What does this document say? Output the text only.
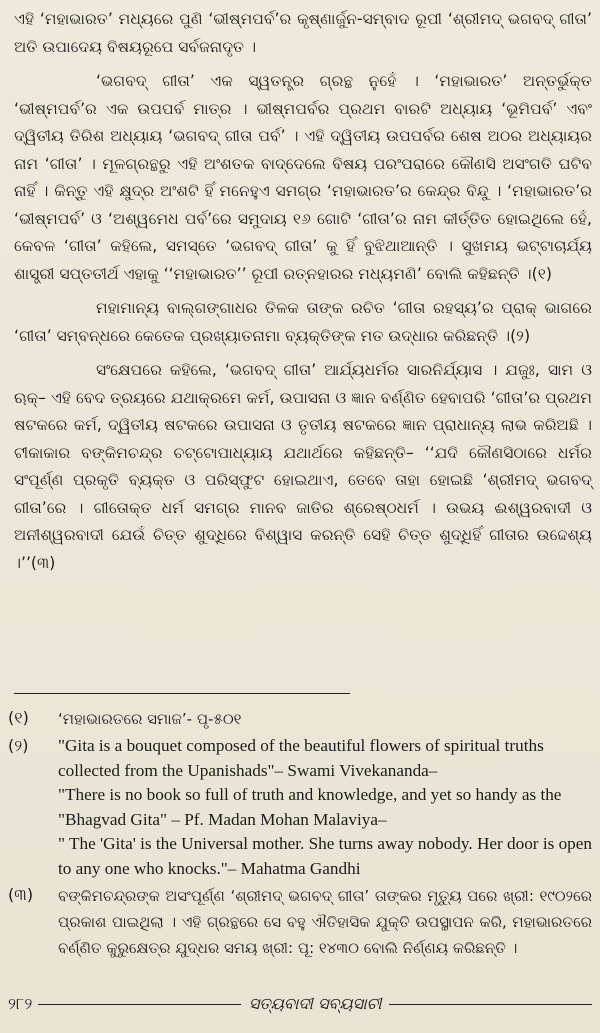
ଏହି ‘ମହାଭାରତ’ ମଧ୍ୟରେ ପୁଣି ‘ଭୀଷ୍ମପର୍ବ’ର କୃଷ୍ଣାର୍ଜୁନ-ସମ୍ବାଦ ରୂପୀ ‘ଶ୍ରୀମଦ୍ ଭଗବଦ୍ ଗୀତା’ ଅତି ଉପାଦେୟ ବିଷୟରୂପେ ସର୍ବଜନାଦୃତ ।

‘ଭଗବଦ୍ ଗୀତା’ ଏକ ସ୍ୱତନ୍ତ୍ର ଗ୍ରନ୍ଥ ନୁହେଁ । ‘ମହାଭାରତ’ ଅନ୍ତର୍ଭୁକ୍ତ ‘ଭୀଷ୍ମପର୍ବ’ର ଏକ ଉପପର୍ବ ମାତ୍ର । ଭୀଷ୍ମପର୍ବର ପ୍ରଥମ ବାରଟି ଅଧ୍ୟାୟ ‘ଭୂମିପର୍ବ’ ଏବଂ ଦ୍ୱିତୀୟ ତିରିଶ ଅଧ୍ୟାୟ ‘ଭଗବଦ୍ ଗୀତା ପର୍ବ’ । ଏହି ଦ୍ୱିତୀୟ ଉପପର୍ବର ଶେଷ ଅଠର ଅଧ୍ୟାୟର ନାମ ‘ଗୀତା’ । ମୂଳଗ୍ରନ୍ଥରୁ ଏହି ଅଂଶତକ ବାଦ୍‌ଦେଲେ ବିଷୟ ପରଂପରାରେ କୌଣସି ଅସଂଗତି ଘଟିବ ନାହିଁ । କିନ୍ତୁ ଏହି କ୍ଷୁଦ୍ର ଅଂଶଟି ହିଁ ମନେହୁଏ ସମଗ୍ର ‘ମହାଭାରତ’ର କେନ୍ଦ୍ର ବିନ୍ଦୁ । ‘ମହାଭାରତ’ର ‘ଭୀଷ୍ମପର୍ବ’ ଓ ‘ଅଶ୍ୱମେଧ ପର୍ବ’ରେ ସମୁଦାୟ ୧୬ ଗୋଟି ‘ଗୀତା’ର ନାମ କୀର୍ତ୍ତିତ ହୋଇଥିଲେ ହେଁ, କେବଳ ‘ଗୀତା’ କହିଲେ, ସମସ୍ତେ ‘ଭଗବଦ୍ ଗୀତା’ କୁ ହିଁ ବୁଝିଥାଆନ୍ତି । ସୁଖମୟ ଭଟ୍ଟାଚାର୍ଯ୍ୟ ଶାସ୍ତ୍ରୀ ସପ୍ତତୀର୍ଥ ଏହାକୁ ‘‘ମହାଭାରତ’’ ରୂପୀ ରତ୍ନହାରର ମଧ୍ୟମଣି’ ବୋଲି କହିଛନ୍ତି ।(୧)

ମହାମାନ୍ୟ ବାଲ୍‌ଗଙ୍ଗାଧର ତିଳକ ତାଙ୍କ ରଚିତ ‘ଗୀତା ରହସ୍ୟ’ର ପ୍ରାକ୍ ଭାଗରେ ‘ଗୀତା’ ସମ୍ବନ୍ଧରେ କେତେକ ପ୍ରଖ୍ୟାତନାମା ବ୍ୟକ୍ତିଙ୍କ ମତ ଉଦ୍ଧାର କରିଛନ୍ତି ।(୨)

ସଂକ୍ଷେପରେ କହିଲେ, ‘ଭଗବଦ୍ ଗୀତା’ ଆର୍ଯ୍ୟଧର୍ମର ସାରନିର୍ଯ୍ୟାସ । ଯଜୁଃ, ସାମ ଓ ଋକ୍– ଏହି ବେଦ ତ୍ରୟରେ ଯଥାକ୍ରମେ କର୍ମ, ଉପାସନା ଓ ଜ୍ଞାନ ବର୍ଣ୍ଣିତ ହେବାପରି ‘ଗୀତା’ର ପ୍ରଥମ ଷଟକରେ କର୍ମ, ଦ୍ୱିତୀୟ ଷଟକରେ ଉପାସନା ଓ ତୃତୀୟ ଷଟକରେ ଜ୍ଞାନ ପ୍ରାଧାନ୍ୟ ଲାଭ କରିଅଛି । ଟୀକାକାର ବଙ୍କିମଚନ୍ଦ୍ର ଚଟ୍ଟୋପାଧ୍ୟାୟ ଯଥାର୍ଥରେ କହିଛନ୍ତି– ‘‘ଯଦି କୌଣସିଠାରେ ଧର୍ମର ସଂପୂର୍ଣ୍ଣ ପ୍ରକୃତି ବ୍ୟକ୍ତ ଓ ପରିସ୍ଫୁଟ ହୋଇଥାଏ, ତେବେ ତାହା ହୋଇଛି ‘ଶ୍ରୀମଦ୍ ଭଗବଦ୍ ଗୀତା’ରେ । ଗୀତୋକ୍ତ ଧର୍ମ ସମଗ୍ର ମାନବ ଜାତିର ଶ୍ରେଷ୍ଠଧର୍ମ । ଉଭୟ ଈଶ୍ୱରବାଦୀ ଓ ଅନୀଶ୍ୱରବାଦୀ ଯେଉଁ ଚିତ୍ତ ଶୁଦ୍ଧିରେ ବିଶ୍ୱାସ କରନ୍ତି ସେହି ଚିତ୍ତ ଶୁଦ୍ଧିହିଁ ଗୀତାର ଉଦ୍ଦେଶ୍ୟ ।’’(୩)

(୧)	‘ମହାଭାରତରେ ସମାଜ’- ପୃ-୫୦୧
(୨)	"Gita is a bouquet composed of the beautiful flowers of spiritual truths collected from the Upanishads"– Swami Vivekananda–

"There is no book so full of truth and knowledge, and yet so handy as the "Bhagvad Gita" – Pf. Madan Mohan Malaviya–

" The 'Gita' is the Universal mother. She turns away nobody. Her door is open to any one who knocks."– Mahatma Gandhi

(୩)	ବଙ୍କିମଚନ୍ଦ୍ରଙ୍କ ଅସଂପୂର୍ଣ୍ଣ ‘ଶ୍ରୀମଦ୍ ଭଗବଦ୍ ଗୀତା’ ତାଙ୍କର ମୃତ୍ୟୁ ପରେ ଖ୍ରୀ: ୧୯୦୨ରେ ପ୍ରକାଶ ପାଇଥିଲା । ଏହି ଗ୍ରନ୍ଥରେ ସେ ବହୁ ଐତିହାସିକ ଯୁକ୍ତି ଉପସ୍ଥାପନ କରି, ମହାଭାରତରେ ବର୍ଣ୍ଣିତ କୁରୁକ୍ଷେତ୍ର ଯୁଦ୍ଧର ସମୟ ଖ୍ରୀ: ପୂ: ୧୪୩୦ ବୋଲି ନିର୍ଣ୍ଣୟ କରିଛନ୍ତି ।
୨୮୨	ସତ୍ୟବାଦୀ ସବ୍ୟସାଚୀ
